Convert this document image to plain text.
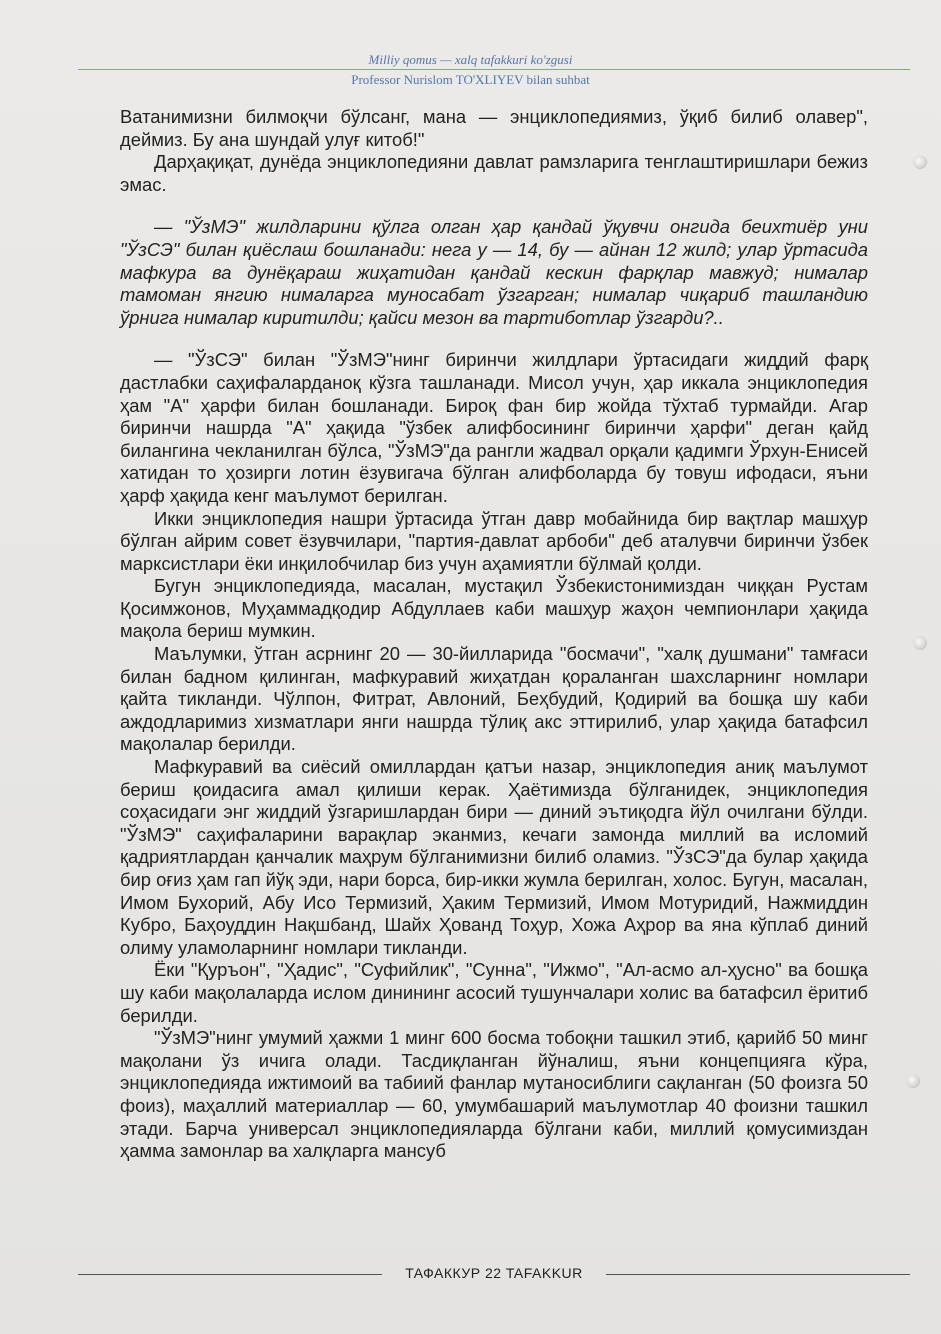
Milliy qomus — xalq tafakkuri ko'zgusi
Professor Nurislom TO'XLIYEV bilan suhbat

Ватанимизни билмоқчи бўлсанг, мана — энциклопедиямиз, ўқиб билиб олавер", деймиз. Бу ана шундай улуғ китоб!"

Дарҳақиқат, дунёда энциклопедияни давлат рамзларига тенглаштиришлари бежиз эмас.

— "ЎзМЭ" жилдларини қўлга олган ҳар қандай ўқувчи онгида беихтиёр уни "ЎзСЭ" билан қиёслаш бошланади: нега у — 14, бу — айнан 12 жилд; улар ўртасида мафкура ва дунёқараш жиҳатидан қандай кескин фарқлар мавжуд; нималар тамоман янгию нималарга муносабат ўзгарган; нималар чиқариб ташландию ўрнига нималар киритилди; қайси мезон ва тартиботлар ўзгарди?..

— "ЎзСЭ" билан "ЎзМЭ"нинг биринчи жилдлари ўртасидаги жиддий фарқ дастлабки саҳифаларданоқ кўзга ташланади. Мисол учун, ҳар иккала энциклопедия ҳам "А" ҳарфи билан бошланади. Бироқ фан бир жойда тўхтаб турмайди. Агар биринчи нашрда "А" ҳақида "ўзбек алифбосининг биринчи ҳарфи" деган қайд билангина чекланилган бўлса, "ЎзМЭ"да рангли жадвал орқали қадимги Ўрхун-Енисей хатидан то ҳозирги лотин ёзувигача бўлган алифболарда бу товуш ифодаси, яъни ҳарф ҳақида кенг маълумот берилган.

Икки энциклопедия нашри ўртасида ўтган давр мобайнида бир вақтлар машҳур бўлган айрим совет ёзувчилари, "партия-давлат арбоби" деб аталувчи биринчи ўзбек марксистлари ёки инқилобчилар биз учун аҳамиятли бўлмай қолди.

Бугун энциклопедияда, масалан, мустақил Ўзбекистонимиздан чиққан Рустам Қосимжонов, Муҳаммадқодир Абдуллаев каби машҳур жаҳон чемпионлари ҳақида мақола бериш мумкин.

Маълумки, ўтган асрнинг 20 — 30-йилларида "босмачи", "халқ душмани" тамғаси билан бадном қилинган, мафкуравий жиҳатдан қораланган шахсларнинг номлари қайта тикланди. Чўлпон, Фитрат, Авлоний, Беҳбудий, Қодирий ва бошқа шу каби аждодларимиз хизматлари янги нашрда тўлиқ акс эттирилиб, улар ҳақида батафсил мақолалар берилди.

Мафкуравий ва сиёсий омиллардан қатъи назар, энциклопедия аниқ маълумот бериш қоидасига амал қилиши керак. Ҳаётимизда бўлганидек, энциклопедия соҳасидаги энг жиддий ўзгаришлардан бири — диний эътиқодга йўл очилгани бўлди. "ЎзМЭ" саҳифаларини варақлар эканмиз, кечаги замонда миллий ва исломий қадриятлардан қанчалик маҳрум бўлганимизни билиб оламиз. "ЎзСЭ"да булар ҳақида бир оғиз ҳам гап йўқ эди, нари борса, бир-икки жумла берилган, холос. Бугун, масалан, Имом Бухорий, Абу Исо Термизий, Ҳаким Термизий, Имом Мотуридий, Нажмиддин Кубро, Баҳоуддин Нақшбанд, Шайх Ҳованд Тоҳур, Хожа Аҳрор ва яна кўплаб диний олиму уламоларнинг номлари тикланди.

Ёки "Қуръон", "Ҳадис", "Суфийлик", "Сунна", "Ижмо", "Ал-асмо ал-ҳусно" ва бошқа шу каби мақолаларда ислом динининг асосий тушунчалари холис ва батафсил ёритиб берилди.

"ЎзМЭ"нинг умумий ҳажми 1 минг 600 босма тобоқни ташкил этиб, қарийб 50 минг мақолани ўз ичига олади. Тасдиқланган йўналиш, яъни концепцияга кўра, энциклопедияда ижтимоий ва табиий фанлар мутаносиблиги сақланган (50 фоизга 50 фоиз), маҳаллий материаллар — 60, умумбашарий маълумотлар 40 фоизни ташкил этади. Барча универсал энциклопедияларда бўлгани каби, миллий қомусимиздан ҳамма замонлар ва халқларга мансуб

ТАФАККУР 22 TAFAKKUR
